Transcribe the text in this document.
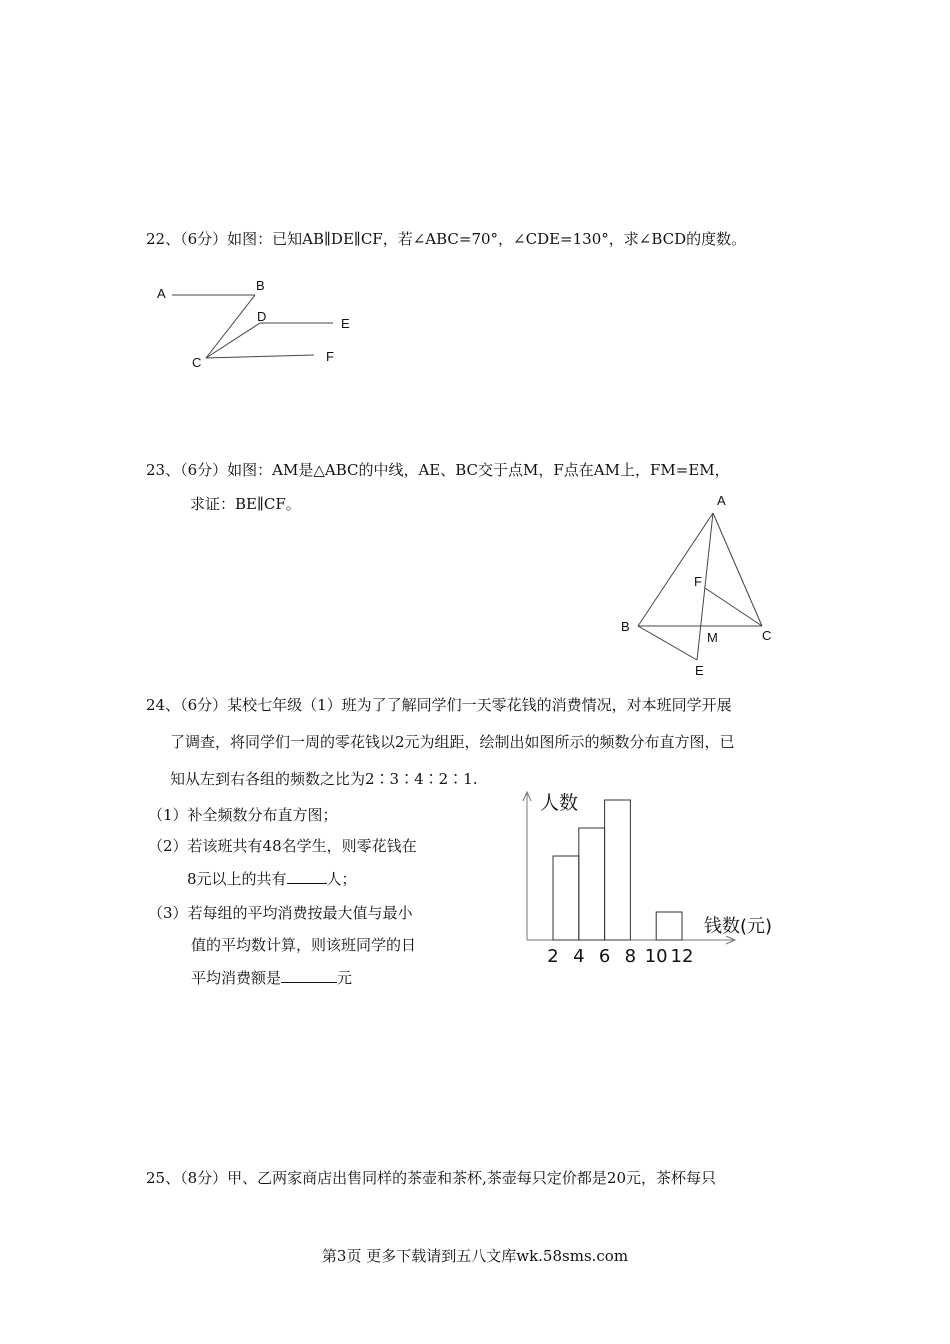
22、（6分）如图：已知AB∥DE∥CF，若∠ABC=70°，∠CDE=130°，求∠BCD的度数。
A
B
D	E
C	F
23、（6分）如图：AM是△ABC的中线，AE、BC交于点M，F点在AM上，FM=EM，
求证：BE∥CF。	A
F
B
M	C
E
24、（6分）某校七年级（1）班为了了解同学们一天零花钱的消费情况，对本班同学开展
了调查，将同学们一周的零花钱以2元为组距，绘制出如图所示的频数分布直方图，已
知从左到右各组的频数之比为2∶3∶4∶2∶1.
（1）补全频数分布直方图；
（2）若该班共有48名学生，则零花钱在
8元以上的共有	人；
（3）若每组的平均消费按最大值与最小
值的平均数计算，则该班同学的日
平均消费额是	元
人数
钱数(元)
2 4 6 8 10 12
25、（8分）甲、乙两家商店出售同样的茶壶和茶杯,茶壶每只定价都是20元，茶杯每只
第3页 更多下载请到五八文库wk.58sms.com
